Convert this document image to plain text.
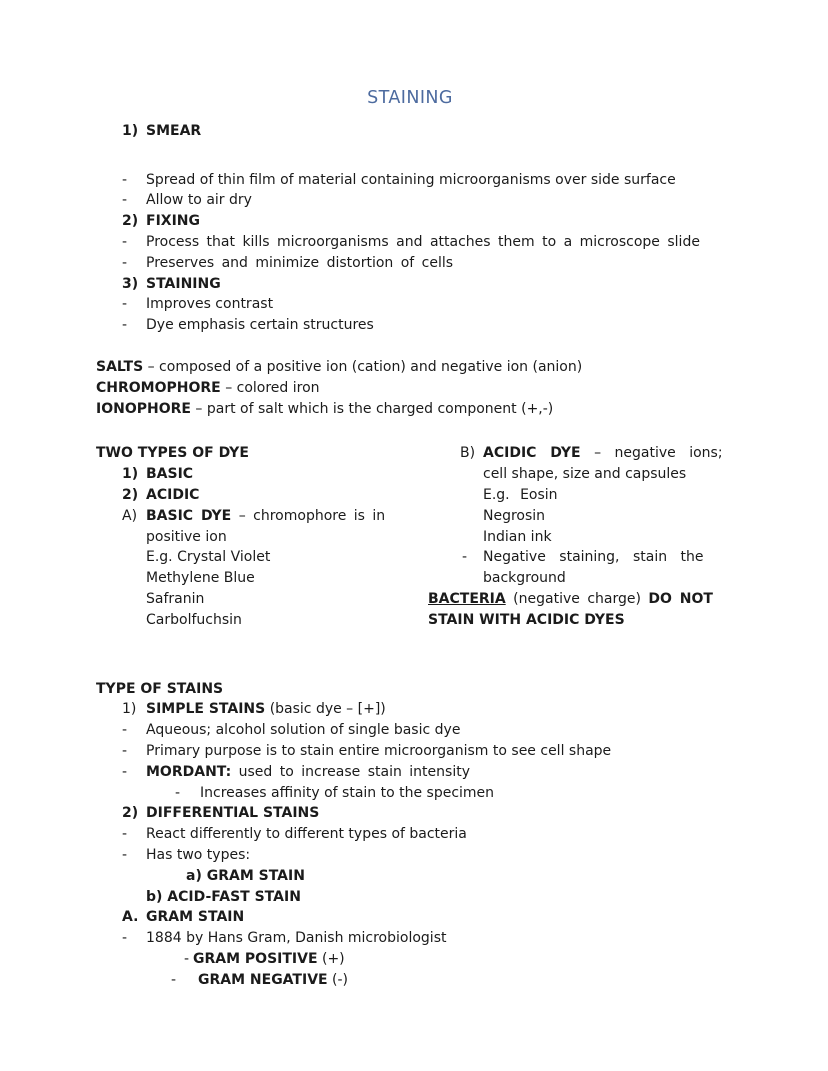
STAINING
1) SMEAR
- Spread of thin film of material containing microorganisms over side surface
- Allow to air dry
2) FIXING
- Process that kills microorganisms and attaches them to a microscope slide
- Preserves and minimize distortion of cells
3) STAINING
- Improves contrast
- Dye emphasis certain structures
SALTS – composed of a positive ion (cation) and negative ion (anion)
CHROMOPHORE – colored iron
IONOPHORE – part of salt which is the charged component (+,-)
TWO TYPES OF DYE
1) BASIC
2) ACIDIC
A) BASIC DYE – chromophore is in
positive ion
E.g. Crystal Violet
Methylene Blue
Safranin
Carbolfuchsin
B) ACIDIC DYE – negative ions;
cell shape, size and capsules
E.g. Eosin
Negrosin
Indian ink
- Negative staining, stain the
background
BACTERIA (negative charge) DO NOT
STAIN WITH ACIDIC DYES
TYPE OF STAINS
1) SIMPLE STAINS (basic dye – [+])
- Aqueous; alcohol solution of single basic dye
- Primary purpose is to stain entire microorganism to see cell shape
- MORDANT: used to increase stain intensity
- Increases affinity of stain to the specimen
2) DIFFERENTIAL STAINS
- React differently to different types of bacteria
- Has two types:
a) GRAM STAIN
b) ACID-FAST STAIN
A. GRAM STAIN
- 1884 by Hans Gram, Danish microbiologist
- GRAM POSITIVE (+)
- GRAM NEGATIVE (-)
